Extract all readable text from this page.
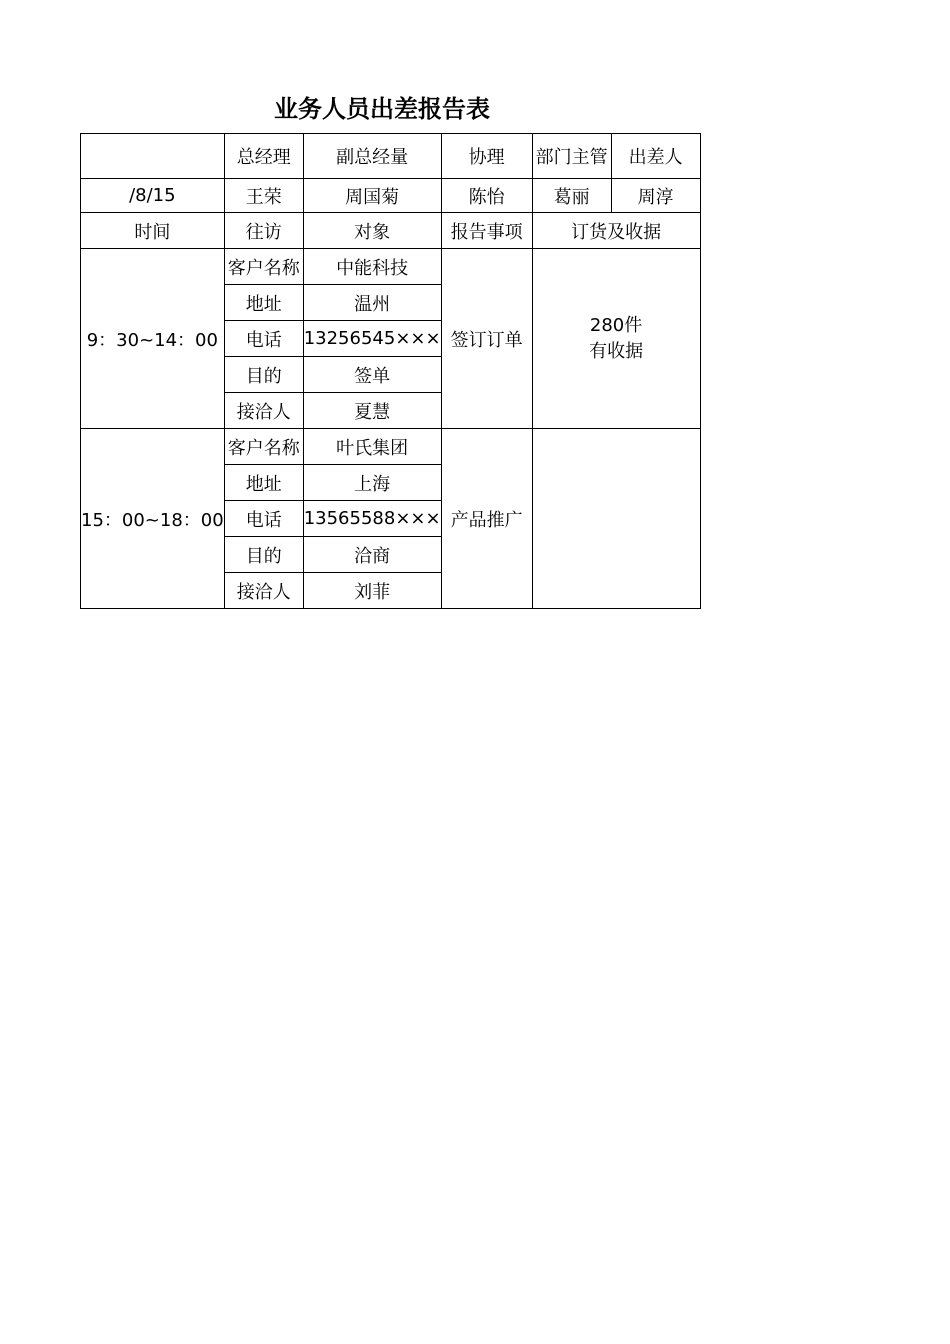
业务人员出差报告表
	总经理	副总经量	协理	部门主管	出差人
/8/15	王荣	周国菊	陈怡	葛丽	周淳
时间	往访	对象	报告事项	订货及收据	
9：30~14：00	客户名称	中能科技	签订订单	280件
有收据	

	地址	温州			
	电话	13256545×××			
	目的	签单			
	接洽人	夏慧			
15：00~18：00	客户名称	叶氏集团	产品推广		

	地址	上海			
	电话	13565588×××			
	目的	洽商			
	接洽人	刘菲			
